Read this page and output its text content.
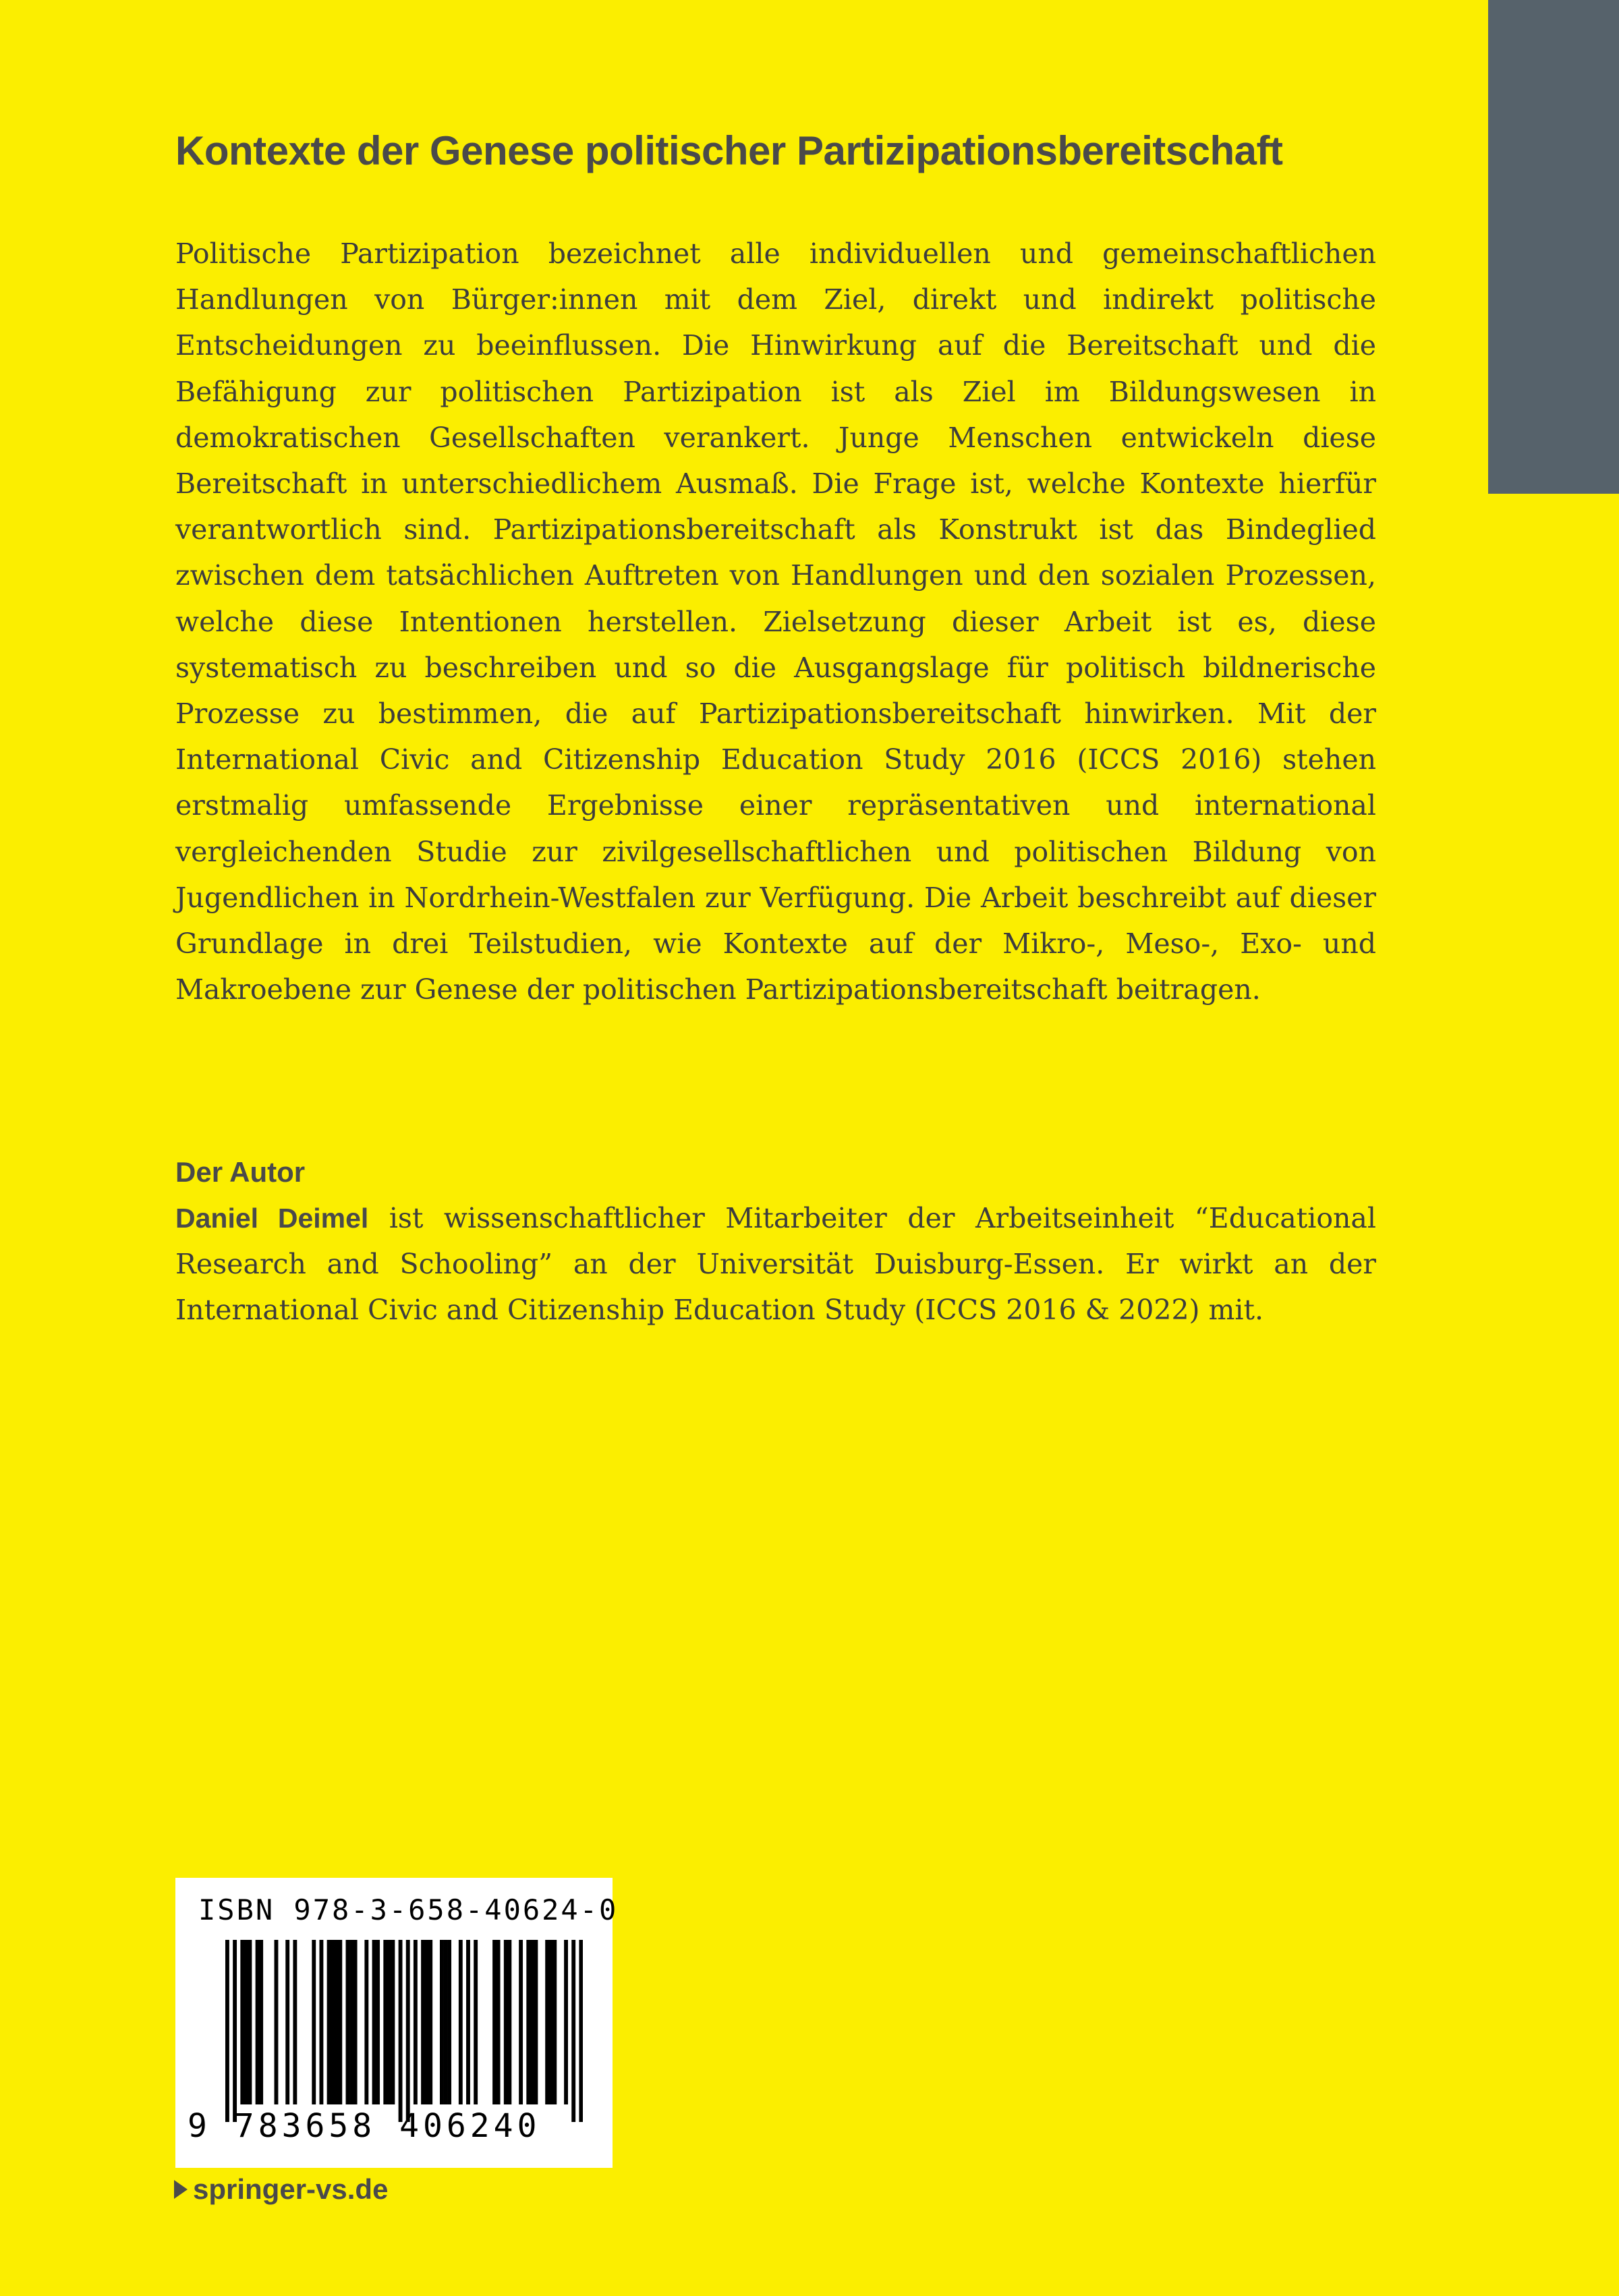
Kontexte der Genese politischer Partizipationsbereitschaft

Politische Partizipation bezeichnet alle individuellen und gemeinschaftlichen Handlungen von Bürger:innen mit dem Ziel, direkt und indirekt politische Entscheidungen zu beeinflussen. Die Hinwirkung auf die Bereitschaft und die Befähigung zur politischen Partizipation ist als Ziel im Bildungswesen in demokratischen Gesellschaften verankert. Junge Menschen entwickeln diese Bereitschaft in unterschiedlichem Ausmaß. Die Frage ist, welche Kontexte hierfür verantwortlich sind. Partizipationsbereitschaft als Konstrukt ist das Bindeglied zwischen dem tatsächlichen Auftreten von Handlungen und den sozialen Prozessen, welche diese Intentionen herstellen. Zielsetzung dieser Arbeit ist es, diese systematisch zu beschreiben und so die Ausgangslage für politisch bildnerische Prozesse zu bestimmen, die auf Partizipationsbereitschaft hinwirken. Mit der International Civic and Citizenship Education Study 2016 (ICCS 2016) stehen erstmalig umfassende Ergebnisse einer repräsentativen und international vergleichenden Studie zur zivilgesellschaftlichen und politischen Bildung von Jugendlichen in Nordrhein-Westfalen zur Verfügung. Die Arbeit beschreibt auf dieser Grundlage in drei Teilstudien, wie Kontexte auf der Mikro-, Meso-, Exo- und Makroebene zur Genese der politischen Partizipationsbereitschaft beitragen.

Der Autor

Daniel Deimel ist wissenschaftlicher Mitarbeiter der Arbeitseinheit “Educational Research and Schooling” an der Universität Duisburg-Essen. Er wirkt an der International Civic and Citizenship Education Study (ICCS 2016 & 2022) mit.

ISBN 978-3-658-40624-0
9 783658 406240
springer-vs.de
